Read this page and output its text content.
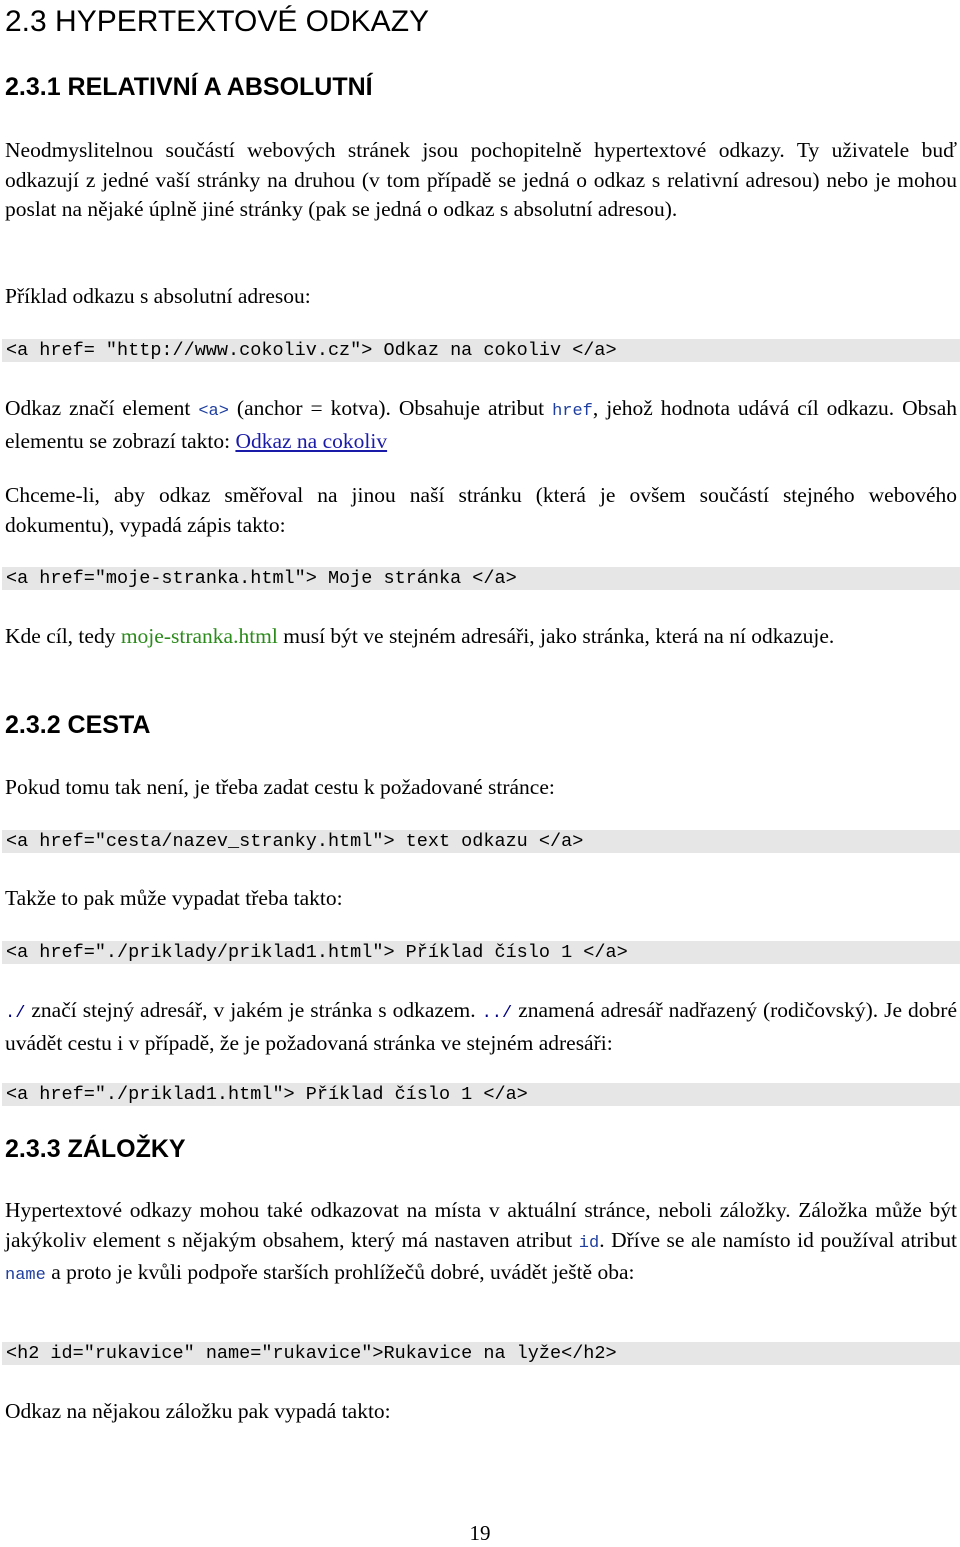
2.3 HYPERTEXTOVÉ ODKAZY
2.3.1 RELATIVNÍ A ABSOLUTNÍ

Neodmyslitelnou součástí webových stránek jsou pochopitelně hypertextové odkazy. Ty uživatele buď odkazují z jedné vaší stránky na druhou (v tom případě se jedná o odkaz s relativní adresou) nebo je mohou poslat na nějaké úplně jiné stránky (pak se jedná o odkaz s absolutní adresou).

Příklad odkazu s absolutní adresou:

<a href= "http://www.cokoliv.cz"> Odkaz na cokoliv </a>

Odkaz značí element <a> (anchor = kotva). Obsahuje atribut href, jehož hodnota udává cíl odkazu. Obsah elementu se zobrazí takto: Odkaz na cokoliv

Chceme-li, aby odkaz směřoval na jinou naší stránku (která je ovšem součástí stejného webového dokumentu), vypadá zápis takto:

<a href="moje-stranka.html"> Moje stránka </a>

Kde cíl, tedy moje-stranka.html musí být ve stejném adresáři, jako stránka, která na ní odkazuje.

2.3.2 CESTA

Pokud tomu tak není, je třeba zadat cestu k požadované stránce:

<a href="cesta/nazev_stranky.html"> text odkazu </a>

Takže to pak může vypadat třeba takto:

<a href="./priklady/priklad1.html"> Příklad číslo 1 </a>

./ značí stejný adresář, v jakém je stránka s odkazem. ../ znamená adresář nadřazený (rodičovský). Je dobré uvádět cestu i v případě, že je požadovaná stránka ve stejném adresáři:

<a href="./priklad1.html"> Příklad číslo 1 </a>
2.3.3 ZÁLOŽKY

Hypertextové odkazy mohou také odkazovat na místa v aktuální stránce, neboli záložky. Záložka může být jakýkoliv element s nějakým obsahem, který má nastaven atribut id. Dříve se ale namísto id používal atribut name a proto je kvůli podpoře starších prohlížečů dobré, uvádět ještě oba:

<h2 id="rukavice" name="rukavice">Rukavice na lyže</h2>

Odkaz na nějakou záložku pak vypadá takto:

19
